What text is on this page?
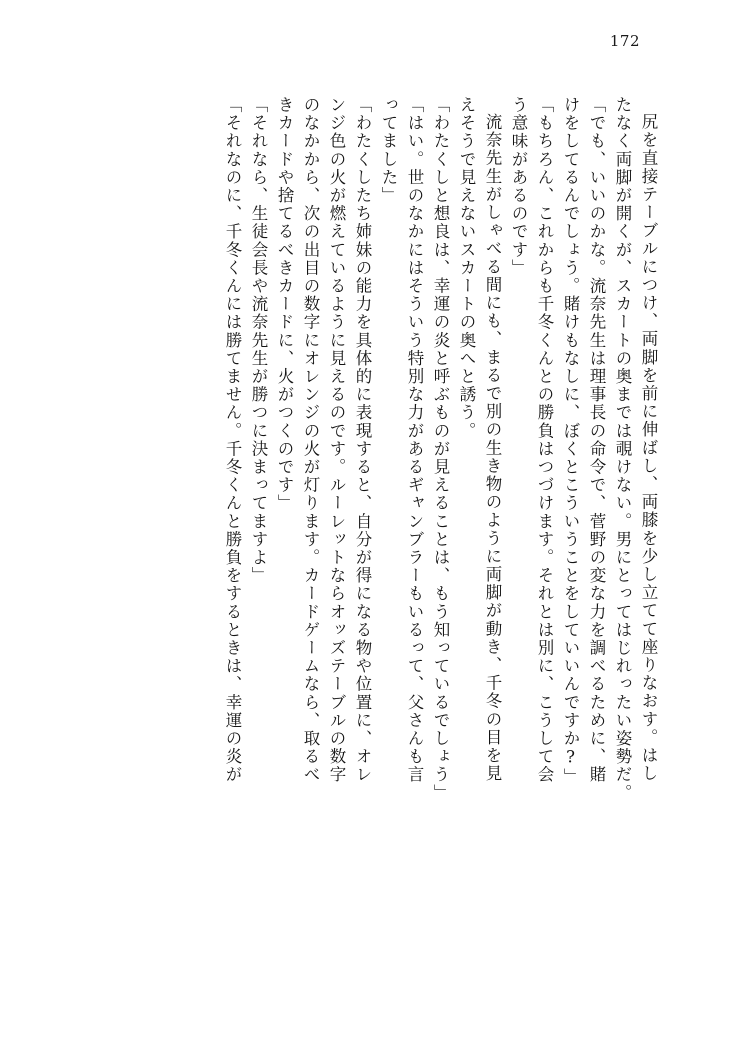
172
尻を直接テーブルにつけ、両脚を前に伸ばし、両膝を少し立てて座りなおす。はし
たなく両脚が開くが、スカートの奥までは覗けない。男にとってはじれったい姿勢だ。
「でも、いいのかな。流奈先生は理事長の命令で、菅野の変な力を調べるために、賭
けをしてるんでしょう。賭けもなしに、ぼくとこういうことをしていいんですか?」
「もちろん、これからも千冬くんとの勝負はつづけます。それとは別に、こうして会
う意味があるのです」
流奈先生がしゃべる間にも、まるで別の生き物のように両脚が動き、千冬の目を見
えそうで見えないスカートの奥へと誘う。
「わたくしと想良は、幸運の炎と呼ぶものが見えることは、もう知っているでしょう」
「はい。世のなかにはそういう特別な力があるギャンブラーもいるって、父さんも言
ってました」
「わたくしたち姉妹の能力を具体的に表現すると、自分が得になる物や位置に、オレ
ンジ色の火が燃えているように見えるのです。ルーレットならオッズテーブルの数字
のなかから、次の出目の数字にオレンジの火が灯ります。カードゲームなら、取るべ
きカードや捨てるべきカードに、火がつくのです」
「それなら、生徒会長や流奈先生が勝つに決まってますよ」
「それなのに、千冬くんには勝てません。千冬くんと勝負をするときは、幸運の炎が
